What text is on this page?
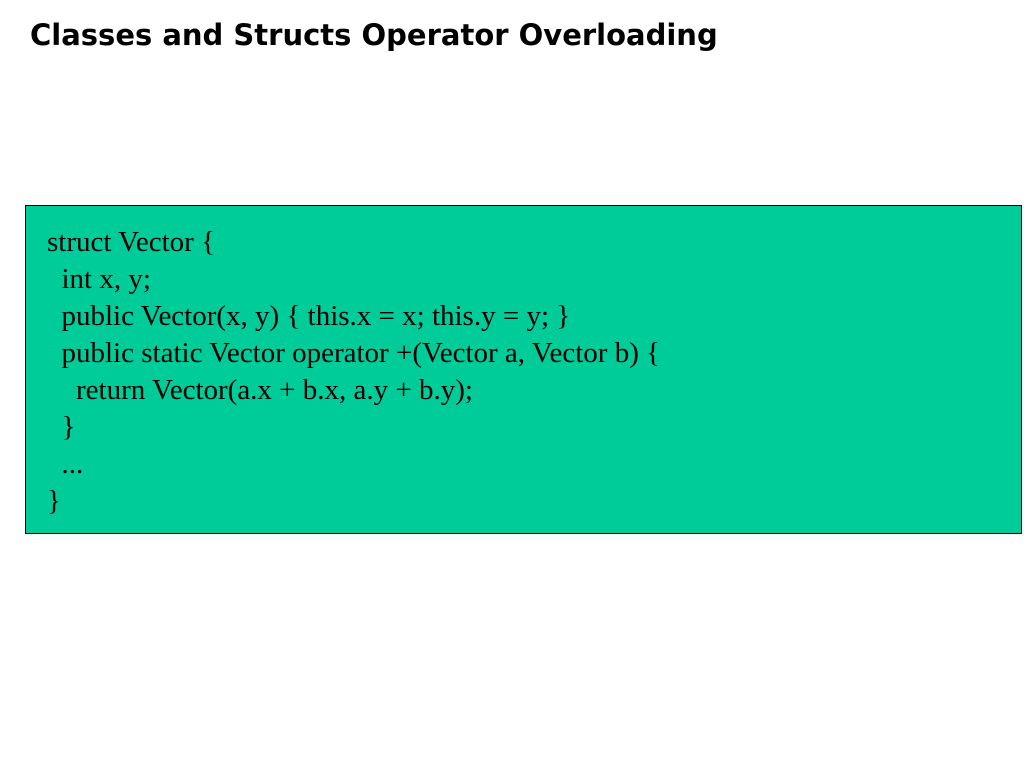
Classes and Structs Operator Overloading
struct Vector {
int x, y;
public Vector(x, y) { this.x = x; this.y = y; }
public static Vector operator +(Vector a, Vector b) {
return Vector(a.x + b.x, a.y + b.y);
}
...
}
